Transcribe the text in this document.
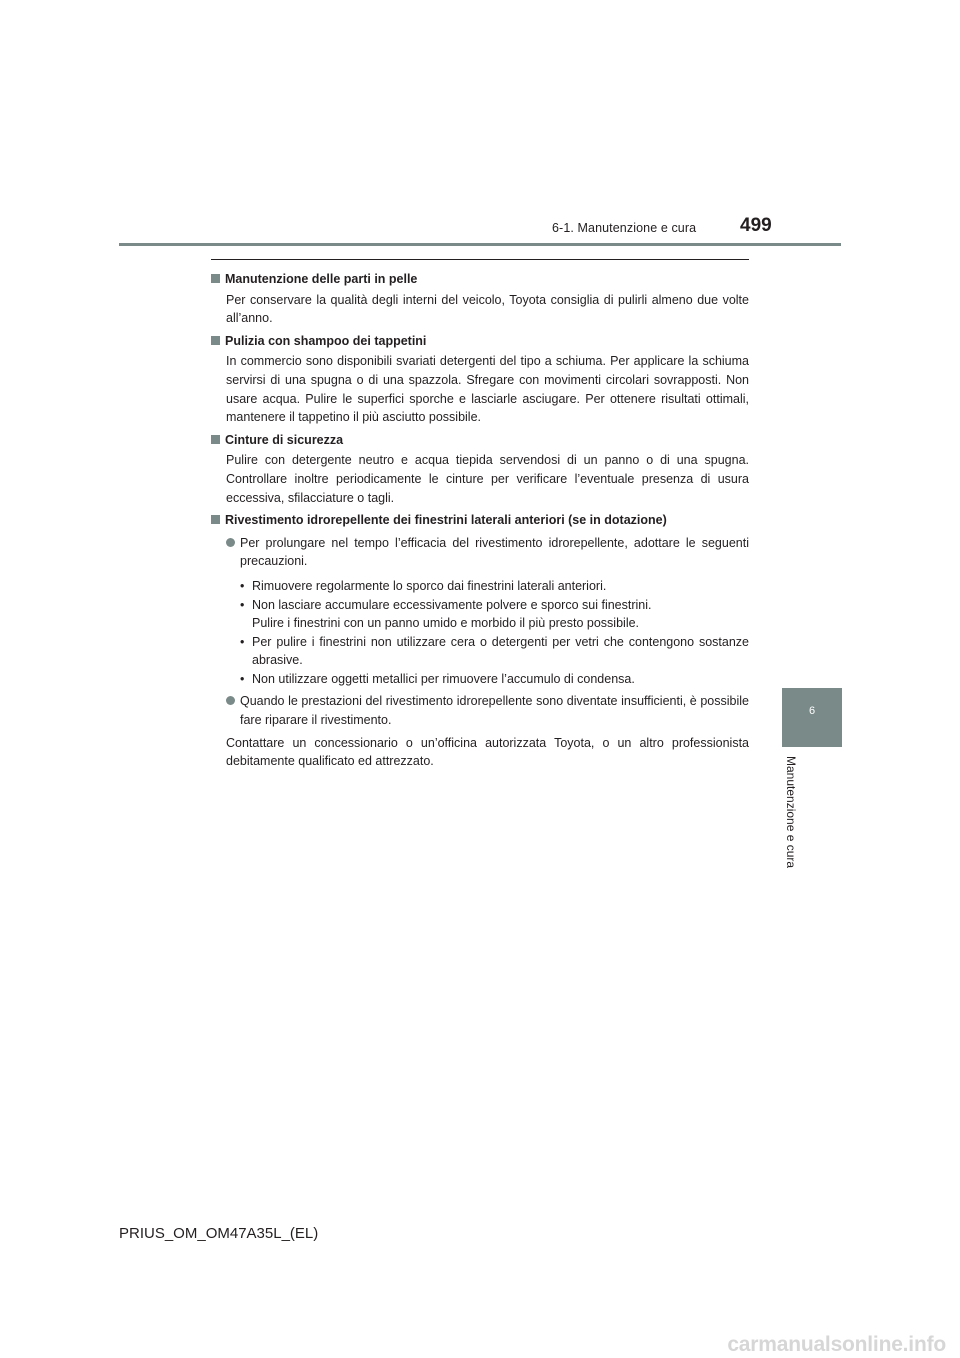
6-1. Manutenzione e cura 499
Manutenzione delle parti in pelle
Per conservare la qualità degli interni del veicolo, Toyota consiglia di pulirli almeno due volte all’anno.
Pulizia con shampoo dei tappetini
In commercio sono disponibili svariati detergenti del tipo a schiuma. Per applicare la schiuma servirsi di una spugna o di una spazzola. Sfregare con movimenti circolari sovrapposti. Non usare acqua. Pulire le superfici sporche e lasciarle asciugare. Per ottenere risultati ottimali, mantenere il tappetino il più asciutto possibile.
Cinture di sicurezza
Pulire con detergente neutro e acqua tiepida servendosi di un panno o di una spugna. Controllare inoltre periodicamente le cinture per verificare l’eventuale presenza di usura eccessiva, sfilacciature o tagli.
Rivestimento idrorepellente dei finestrini laterali anteriori (se in dotazione)
Per prolungare nel tempo l’efficacia del rivestimento idrorepellente, adottare le seguenti precauzioni.
• Rimuovere regolarmente lo sporco dai finestrini laterali anteriori.
• Non lasciare accumulare eccessivamente polvere e sporco sui finestrini.
Pulire i finestrini con un panno umido e morbido il più presto possibile.
• Per pulire i finestrini non utilizzare cera o detergenti per vetri che contengono sostanze abrasive.
• Non utilizzare oggetti metallici per rimuovere l’accumulo di condensa.
Quando le prestazioni del rivestimento idrorepellente sono diventate insufficienti, è possibile fare riparare il rivestimento.
Contattare un concessionario o un’officina autorizzata Toyota, o un altro professionista debitamente qualificato ed attrezzato.
6
Manutenzione e cura
PRIUS_OM_OM47A35L_(EL)
carmanualsonline.info
